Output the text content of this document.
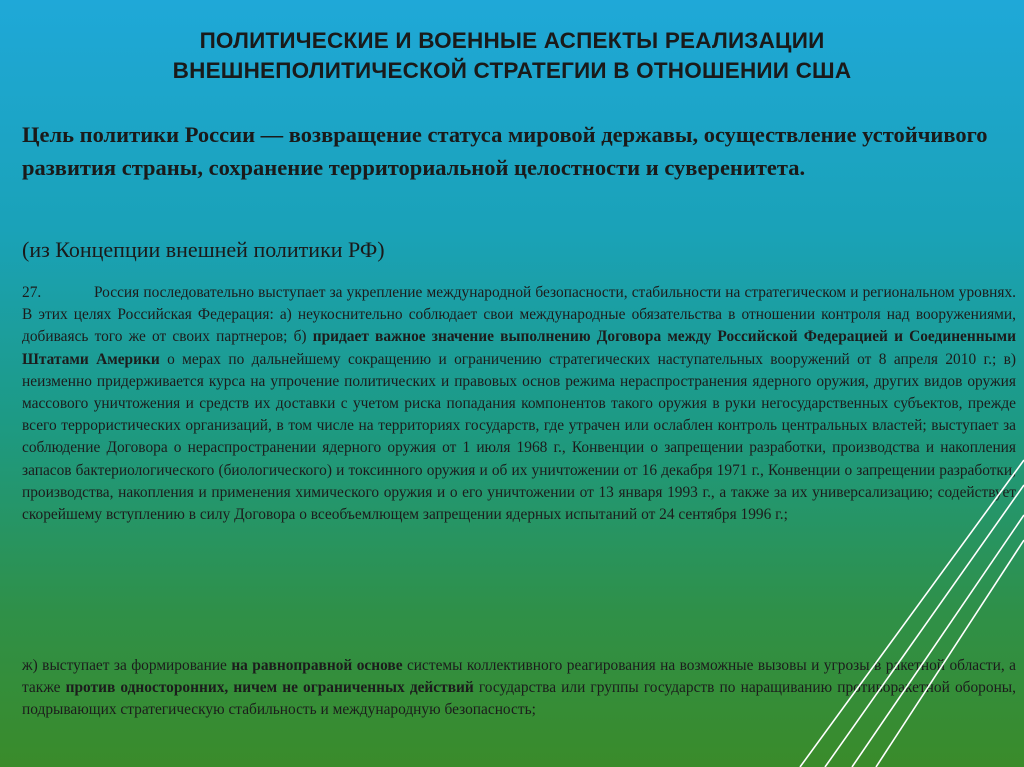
ПОЛИТИЧЕСКИЕ И ВОЕННЫЕ АСПЕКТЫ РЕАЛИЗАЦИИ
ВНЕШНЕПОЛИТИЧЕСКОЙ СТРАТЕГИИ В ОТНОШЕНИИ США
Цель политики России — возвращение статуса мировой державы, осуществление устойчивого развития страны, сохранение территориальной целостности и суверенитета.
(из Концепции внешней политики РФ)
27.	Россия последовательно выступает за укрепление международной безопасности, стабильности на стратегическом и региональном уровнях. В этих целях Российская Федерация: а) неукоснительно соблюдает свои международные обязательства в отношении контроля над вооружениями, добиваясь того же от своих партнеров; б) придает важное значение выполнению Договора между Российской Федерацией и Соединенными Штатами Америки о мерах по дальнейшему сокращению и ограничению стратегических наступательных вооружений от 8 апреля 2010 г.; в) неизменно придерживается курса на упрочение политических и правовых основ режима нераспространения ядерного оружия, других видов оружия массового уничтожения и средств их доставки с учетом риска попадания компонентов такого оружия в руки негосударственных субъектов, прежде всего террористических организаций, в том числе на территориях государств, где утрачен или ослаблен контроль центральных властей; выступает за соблюдение Договора о нераспространении ядерного оружия от 1 июля 1968 г., Конвенции о запрещении разработки, производства и накопления запасов бактериологического (биологического) и токсинного оружия и об их уничтожении от 16 декабря 1971 г., Конвенции о запрещении разработки, производства, накопления и применения химического оружия и о его уничтожении от 13 января 1993 г., а также за их универсализацию; содействует скорейшему вступлению в силу Договора о всеобъемлющем запрещении ядерных испытаний от 24 сентября 1996 г.;
ж) выступает за формирование на равноправной основе системы коллективного реагирования на возможные вызовы и угрозы в ракетной области, а также против односторонних, ничем не ограниченных действий государства или группы государств по наращиванию противоракетной обороны, подрывающих стратегическую стабильность и международную безопасность;
